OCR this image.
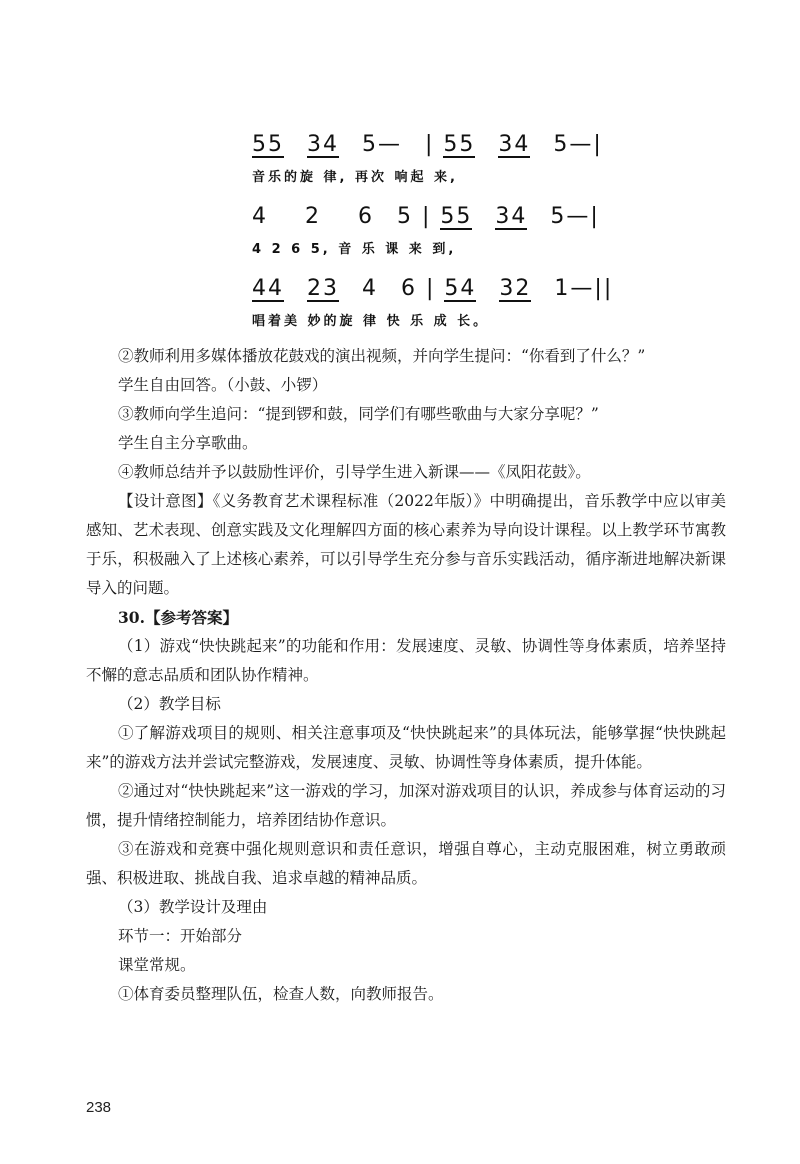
55 34 5— | 55 34 5—|
音乐的旋 律, 再次 响起 来,
4 2 6 5 | 55 34 5—|
4 2 6 5, 音 乐 课 来 到,
44 23 4 6 | 54 32 1—||
唱着美 妙的旋 律 快 乐 成 长。

②教师利用多媒体播放花鼓戏的演出视频，并向学生提问：“你看到了什么？”

学生自由回答。（小鼓、小锣）

③教师向学生追问：“提到锣和鼓，同学们有哪些歌曲与大家分享呢？”

学生自主分享歌曲。

④教师总结并予以鼓励性评价，引导学生进入新课——《凤阳花鼓》。

【设计意图】《义务教育艺术课程标准（2022年版）》中明确提出，音乐教学中应以审美感知、艺术表现、创意实践及文化理解四方面的核心素养为导向设计课程。以上教学环节寓教于乐，积极融入了上述核心素养，可以引导学生充分参与音乐实践活动，循序渐进地解决新课导入的问题。

30.【参考答案】

（1）游戏“快快跳起来”的功能和作用：发展速度、灵敏、协调性等身体素质，培养坚持不懈的意志品质和团队协作精神。

（2）教学目标

①了解游戏项目的规则、相关注意事项及“快快跳起来”的具体玩法，能够掌握“快快跳起来”的游戏方法并尝试完整游戏，发展速度、灵敏、协调性等身体素质，提升体能。

②通过对“快快跳起来”这一游戏的学习，加深对游戏项目的认识，养成参与体育运动的习惯，提升情绪控制能力，培养团结协作意识。

③在游戏和竞赛中强化规则意识和责任意识，增强自尊心，主动克服困难，树立勇敢顽强、积极进取、挑战自我、追求卓越的精神品质。

（3）教学设计及理由

环节一：开始部分

课堂常规。

①体育委员整理队伍，检查人数，向教师报告。

238
